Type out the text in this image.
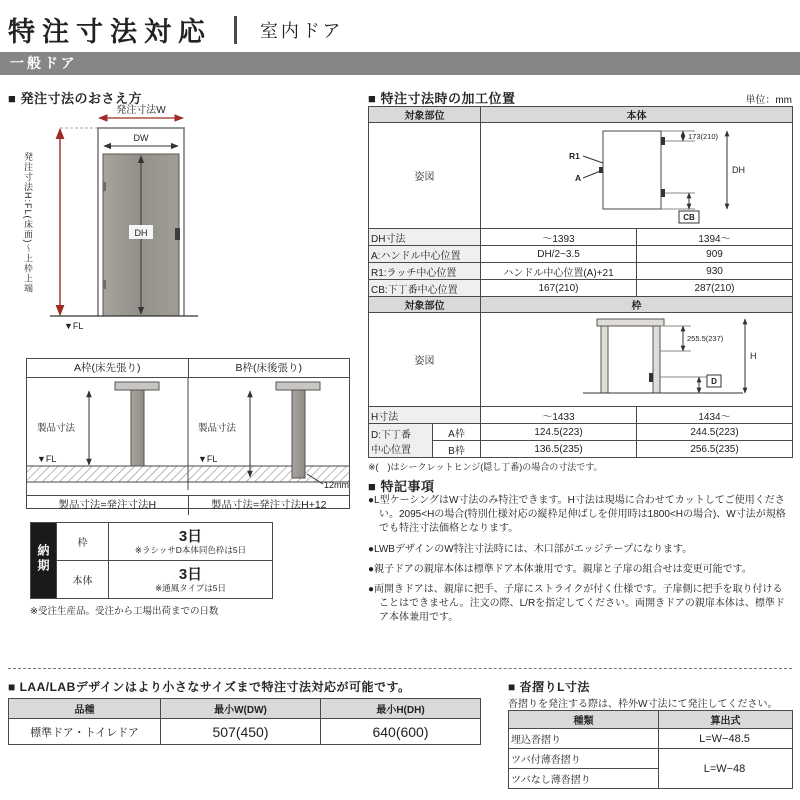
特注寸法対応	室内ドア
一般ドア
■ 発注寸法のおさえ方
発注寸法W
DW
DH
▼FL
発注寸法H:FL(床面)〜上枠上端
A枠(床先張り)	B枠(床後張り)
製品寸法
▼FL
製品寸法
▼FL
12mm
製品寸法=発注寸法H	製品寸法=発注寸法H+12
納期	枠	3日
※ラシッサD本体同色枠は5日

	本体	3日
※通風タイプは5日
※受注生産品。受注から工場出荷までの日数
■ 特注寸法時の加工位置	単位：mm
対象部位	本体	
姿図	173(210)
DH
R1
A
CB	

DH寸法	〜1393	1394〜
A:ハンドル中心位置	DH/2−3.5	909
R1:ラッチ中心位置	ハンドル中心位置(A)+21	930
CB:下丁番中心位置	167(210)	287(210)
対象部位		枠	
姿図		255.5(237)
H
D	

H寸法		〜1433	1434〜

D:下丁番
中心位置	A枠	124.5(223)	244.5(223)
	B枠	136.5(235)	256.5(235)
※(　)はシークレットヒンジ(隠し丁番)の場合の寸法です。
■ 特記事項
●L型ケーシングはW寸法のみ特注できます。H寸法は現場に合わせてカットしてご使用ください。2095<Hの場合(特別仕様対応の縦枠足伸ばしを併用時は1800<Hの場合)、W寸法が規格でも特注寸法価格となります。
●LWBデザインのW特注寸法時には、木口部がエッジテープになります。
●親子ドアの親扉本体は標準ドア本体兼用です。親扉と子扉の組合せは変更可能です。
●両開きドアは、親扉に把手、子扉にストライクが付く仕様です。子扉側に把手を取り付けることはできません。注文の際、L/Rを指定してください。両開きドアの親扉本体は、標準ドア本体兼用です。
■ LAA/LABデザインはより小さなサイズまで特注寸法対応が可能です。
品種	最小W(DW)	最小H(DH)
標準ドア・トイレドア	507(450)	640(600)
■ 沓摺りL寸法
沓摺りを発注する際は、枠外W寸法にて発注してください。
種類	算出式
埋込沓摺り	L=W−48.5
ツバ付薄沓摺り	L=W−48
ツバなし薄沓摺り	
